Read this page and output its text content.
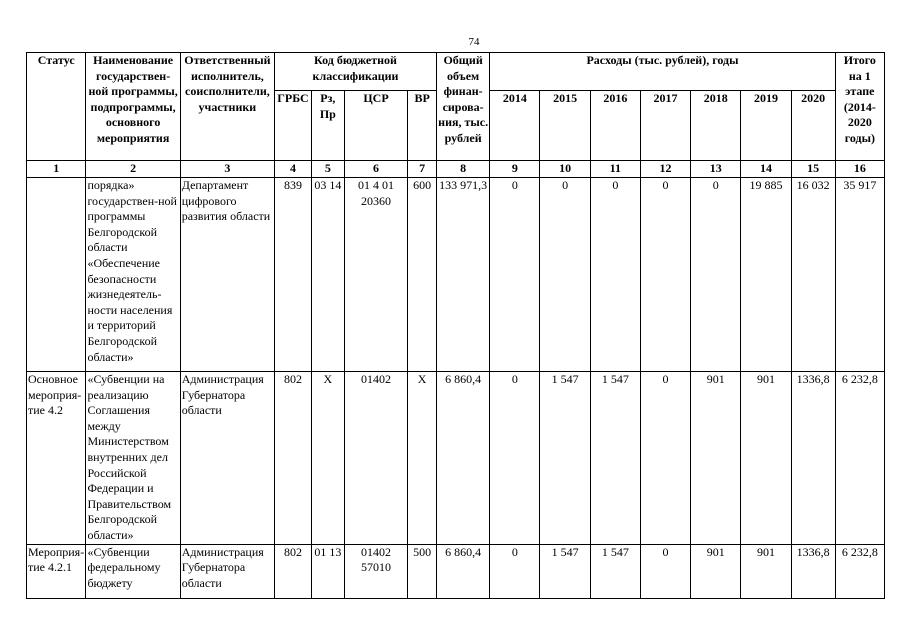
74
Статус	Наименование государствен-ной программы, подпрограммы, основного мероприятия	Ответственный исполнитель, соисполнители, участники	Код бюджетной классификации				Общий объем финан-сирова-ния, тыс. рублей	Расходы (тыс. рублей), годы							Итого на 1 этапе (2014-2020 годы)
			ГРБС	Рз, Пр	ЦСР	ВР		2014	2015	2016	2017	2018	2019	2020	
1	2	3	4	5	6	7	8	9	10	11	12	13	14	15	16
	порядка» государствен-ной программы Белгородской области «Обеспечение безопасности жизнедеятель-ности населения и территорий Белгородской области»	Департамент цифрового развития области	839	03 14	01 4 01 20360	600	133 971,3	0	0	0	0	0	19 885	16 032	35 917
Основное мероприя-тие 4.2	«Субвенции на реализацию Соглашения между Министерством внутренних дел Российской Федерации и Правительством Белгородской области»	Администрация Губернатора области	802	Х	01402	Х	6 860,4	0	1 547	1 547	0	901	901	1336,8	6 232,8
Мероприя-тие 4.2.1	«Субвенции федеральному бюджету	Администрация Губернатора области	802	01 13	01402 57010	500	6 860,4	0	1 547	1 547	0	901	901	1336,8	6 232,8
